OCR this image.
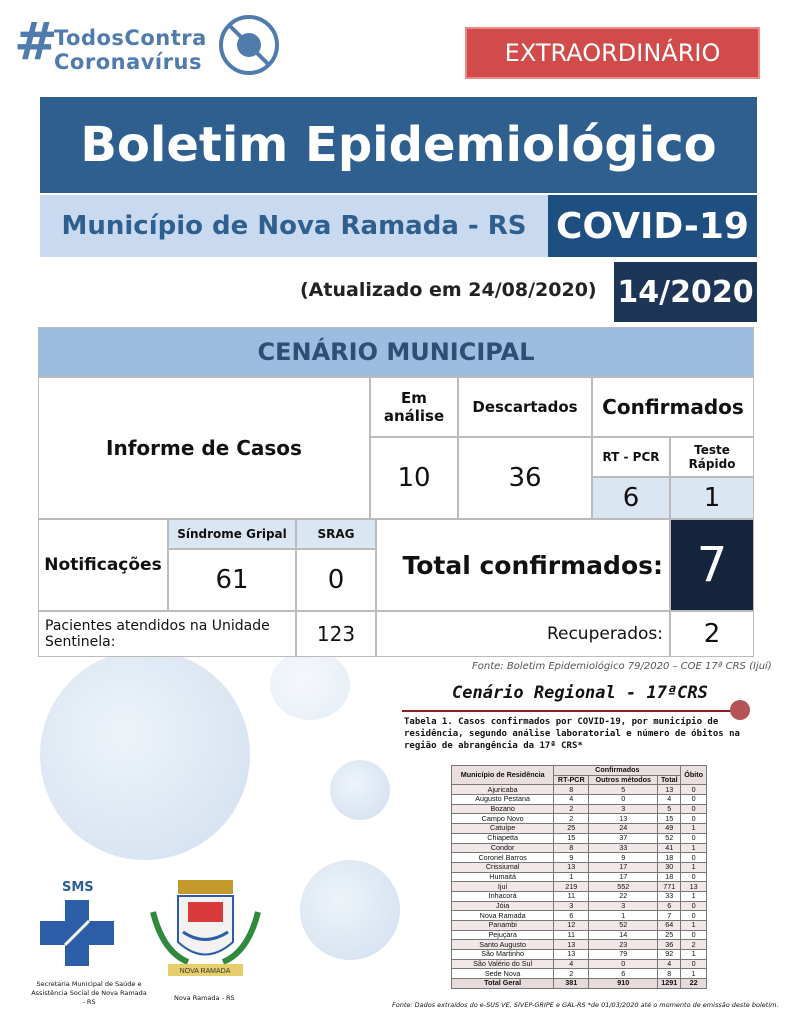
#
TodosContra
Coronavírus	EXTRAORDINÁRIO
Boletim Epidemiológico
Município de Nova Ramada - RS COVID-19
(Atualizado em 24/08/2020) 14/2020
CENÁRIO MUNICIPAL
Informe de Casos
Em análise	Descartados	Confirmados
10	36
RT - PCR	Teste Rápido
6	1
Notificações
Síndrome Gripal	SRAG
61	0	Total confirmados: 7
Pacientes atendidos na Unidade Sentinela:	123	Recuperados:	2
Fonte: Boletim Epidemiológico 79/2020 – COE 17ª CRS (Ijuí)
Cenário Regional - 17ªCRS
Tabela 1. Casos confirmados por COVID-19, por município de residência, segundo análise laboratorial e número de óbitos na região de abrangência da 17ª CRS*
Município de Residência	Confirmados			Óbito
	RT-PCR	Outros métodos	Total	
Ajuricaba	8	5	13	0
Augusto Pestana	4	0	4	0
Bozano	2	3	5	0
Campo Novo	2	13	15	0
Catuípe	25	24	49	1
Chiapetta	15	37	52	0
Condor	8	33	41	1
Coronel Barros	9	9	18	0
Crissiumal	13	17	30	1
Humaitá	1	17	18	0
Ijuí	219	552	771	13
Inhacorá	11	22	33	1
Jóia	3	3	6	0
Nova Ramada	6	1	7	0
Panambi	12	52	64	1
Pejuçara	11	14	25	0
Santo Augusto	13	23	36	2
São Martinho	13	79	92	1
São Valério do Sul	4	0	4	0
Sede Nova	2	6	8	1
Total Geral	381	910	1291	22
Fonte: Dados extraídos do e-SUS VE, SIVEP-GRIPE e GAL-RS *de 01/03/2020 até o momento de emissão deste boletim.
SMS
Secretaria Municipal de Saúde e Assistência Social de Nova Ramada - RS
NOVA RAMADA
Nova Ramada - RS
